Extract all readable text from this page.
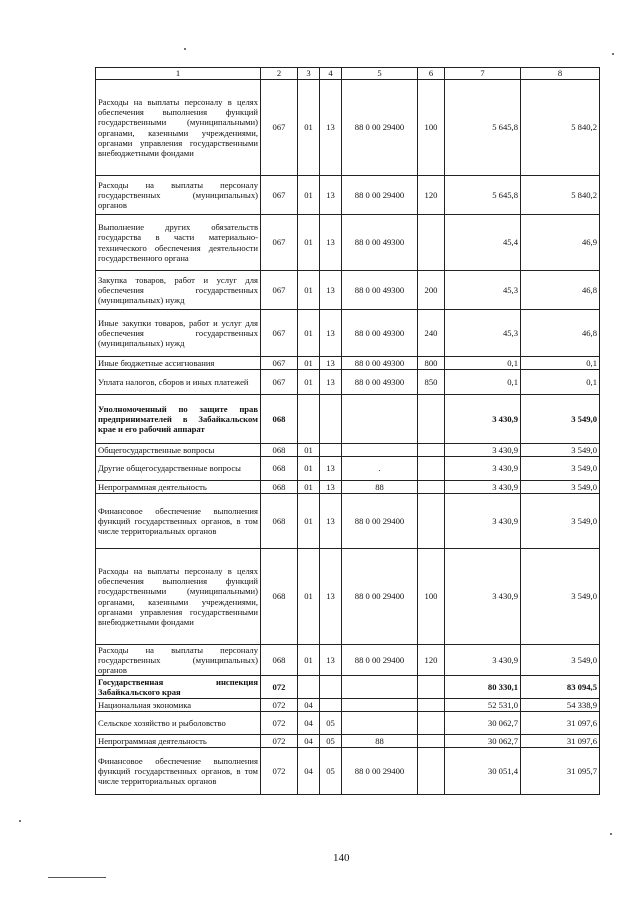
1	2	3	4	5	6	7	8
Расходы на выплаты персоналу в целях обеспечения выполнения функций государственными (муниципальными) органами, казенными учреждениями, органами управления государственными внебюджетными фондами	067	01	13	88 0 00 29400	100	5 645,8	5 840,2
Расходы на выплаты персоналу государственных (муниципальных) органов	067	01	13	88 0 00 29400	120	5 645,8	5 840,2
Выполнение других обязательств государства в части материально-технического обеспечения деятельности государственного органа	067	01	13	88 0 00 49300		45,4	46,9
Закупка товаров, работ и услуг для обеспечения государственных (муниципальных) нужд	067	01	13	88 0 00 49300	200	45,3	46,8
Иные закупки товаров, работ и услуг для обеспечения государственных (муниципальных) нужд	067	01	13	88 0 00 49300	240	45,3	46,8
Иные бюджетные ассигнования	067	01	13	88 0 00 49300	800	0,1	0,1
Уплата налогов, сборов и иных платежей	067	01	13	88 0 00 49300	850	0,1	0,1
Уполномоченный по защите прав предпринимателей в Забайкальском крае и его рабочий аппарат	068					3 430,9	3 549,0
Общегосударственные вопросы	068	01				3 430,9	3 549,0
Другие общегосударственные вопросы	068	01	13	.		3 430,9	3 549,0
Непрограммная деятельность	068	01	13	88		3 430,9	3 549,0
Финансовое обеспечение выполнения функций государственных органов, в том числе территориальных органов	068	01	13	88 0 00 29400		3 430,9	3 549,0
Расходы на выплаты персоналу в целях обеспечения выполнения функций государственными (муниципальными) органами, казенными учреждениями, органами управления государственными внебюджетными фондами	068	01	13	88 0 00 29400	100	3 430,9	3 549,0
Расходы на выплаты персоналу государственных (муниципальных) органов	068	01	13	88 0 00 29400	120	3 430,9	3 549,0
Государственная инспекция Забайкальского края	072					80 330,1	83 094,5
Национальная экономика	072	04				52 531,0	54 338,9
Сельское хозяйство и рыболовство	072	04	05			30 062,7	31 097,6
Непрограммная деятельность	072	04	05	88		30 062,7	31 097,6
Финансовое обеспечение выполнения функций государственных органов, в том числе территориальных органов	072	04	05	88 0 00 29400		30 051,4	31 095,7
140
